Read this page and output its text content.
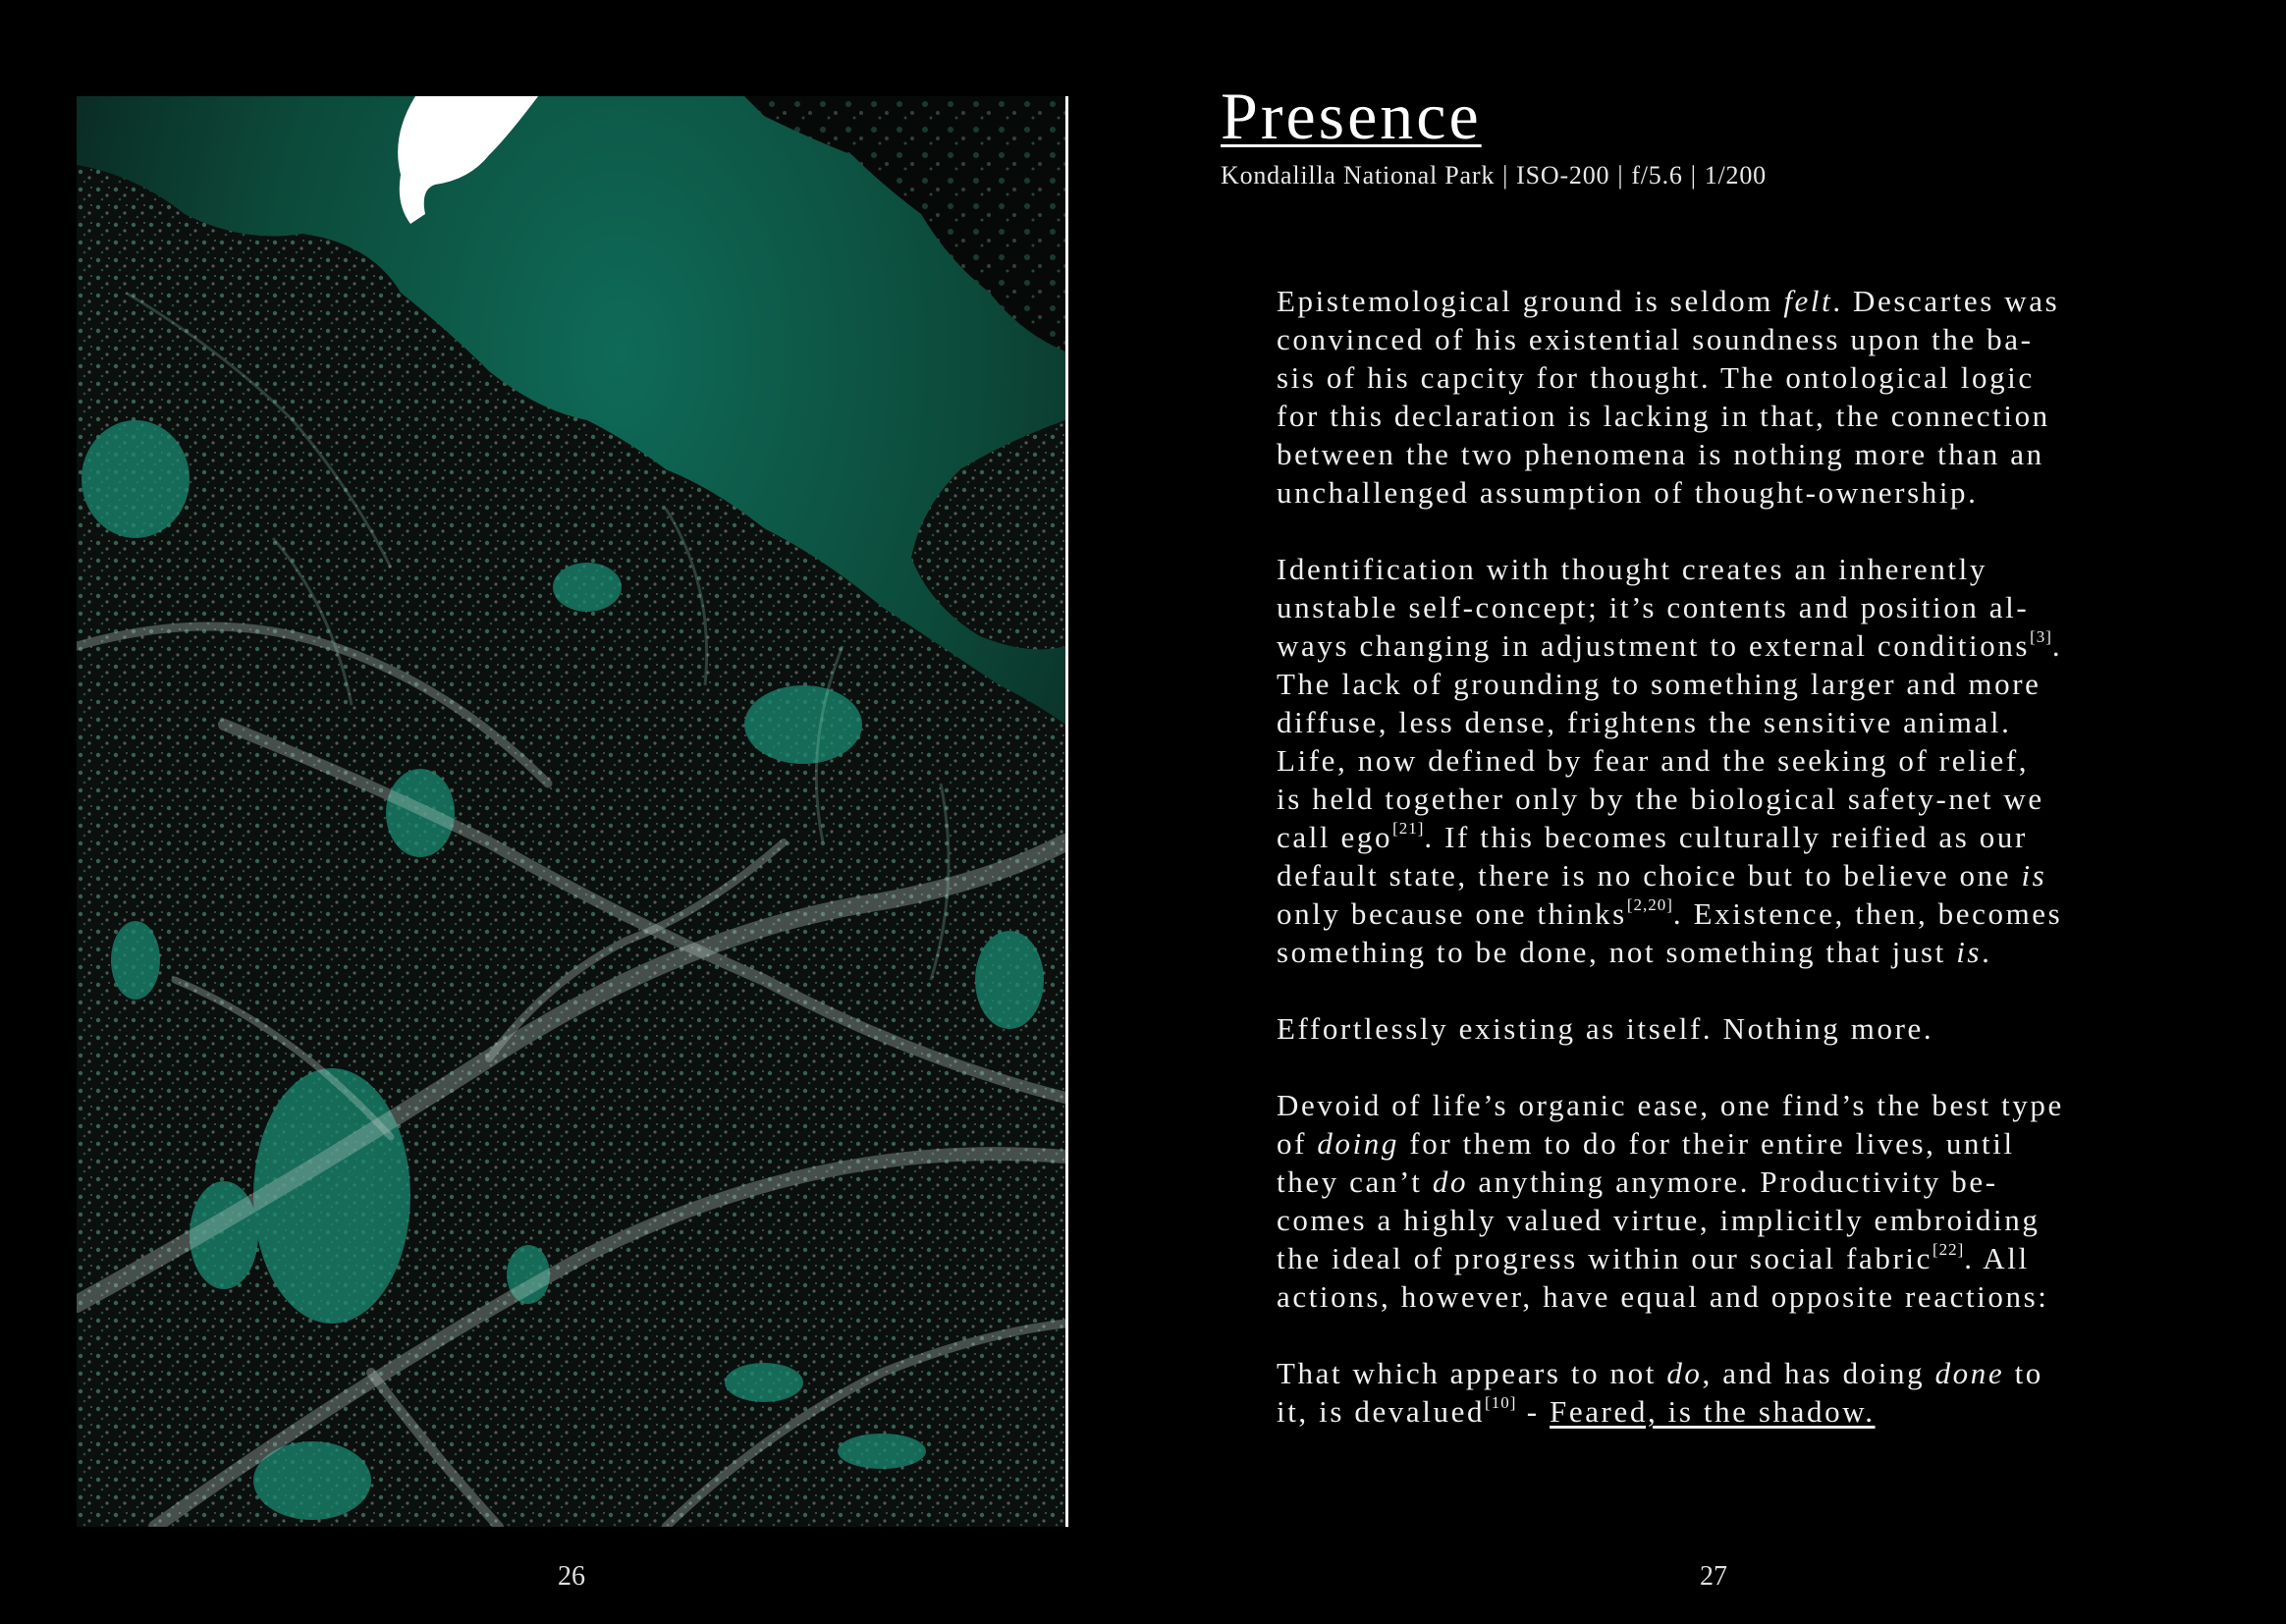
Presence
Kondalilla National Park | ISO-200 | f/5.6 | 1/200

Epistemological ground is seldom felt. Descartes was
convinced of his existential soundness upon the ba-
sis of his capcity for thought. The ontological logic
for this declaration is lacking in that, the connection
between the two phenomena is nothing more than an
unchallenged assumption of thought-ownership.

Identification with thought creates an inherently
unstable self-concept; it’s contents and position al-
ways changing in adjustment to external conditions[3].
The lack of grounding to something larger and more
diffuse, less dense, frightens the sensitive animal.
Life, now defined by fear and the seeking of relief,
is held together only by the biological safety-net we
call ego[21]. If this becomes culturally reified as our
default state, there is no choice but to believe one is
only because one thinks[2,20]. Existence, then, becomes
something to be done, not something that just is.

Effortlessly existing as itself. Nothing more.

Devoid of life’s organic ease, one find’s the best type
of doing for them to do for their entire lives, until
they can’t do anything anymore. Productivity be-
comes a highly valued virtue, implicitly embroiding
the ideal of progress within our social fabric[22]. All
actions, however, have equal and opposite reactions:

That which appears to not do, and has doing done to
it, is devalued[10] - Feared, is the shadow.

26	27
